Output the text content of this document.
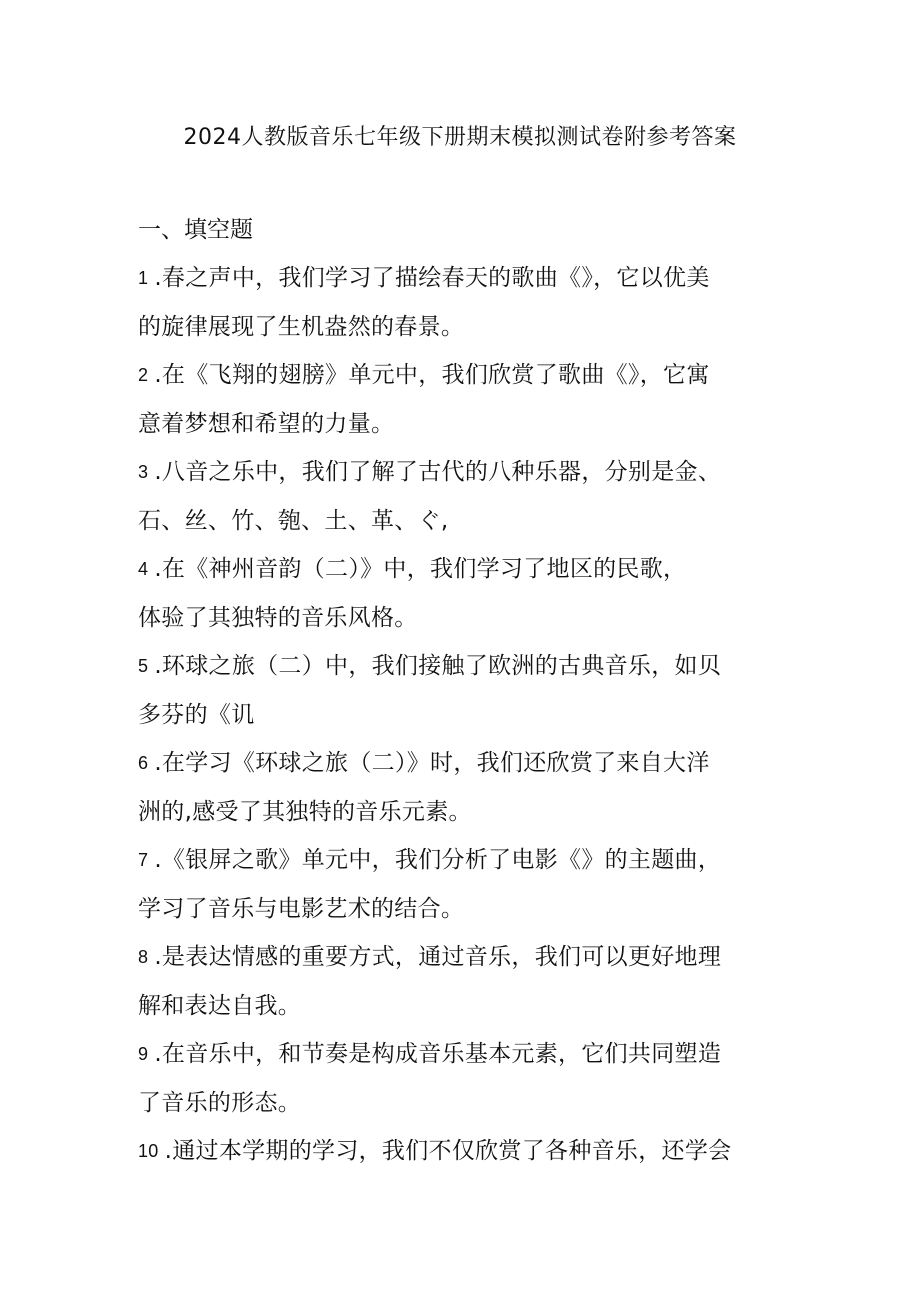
2024人教版音乐七年级下册期末模拟测试卷附参考答案
一、填空题
1 .春之声中，我们学习了描绘春天的歌曲《》，它以优美
的旋律展现了生机盎然的春景。
2 .在《飞翔的翅膀》单元中，我们欣赏了歌曲《》，它寓
意着梦想和希望的力量。
3 .八音之乐中，我们了解了古代的八种乐器，分别是金、
石、丝、竹、匏、土、革、ぐ,
4 .在《神州音韵（二）》中，我们学习了地区的民歌，
体验了其独特的音乐风格。
5 .环球之旅（二）中，我们接触了欧洲的古典音乐，如贝
多芬的《讥
6 .在学习《环球之旅（二）》时，我们还欣赏了来自大洋
洲的,感受了其独特的音乐元素。
7 .《银屏之歌》单元中，我们分析了电影《》的主题曲，
学习了音乐与电影艺术的结合。
8 .是表达情感的重要方式，通过音乐，我们可以更好地理
解和表达自我。
9 .在音乐中，和节奏是构成音乐基本元素，它们共同塑造
了音乐的形态。
10 .通过本学期的学习，我们不仅欣赏了各种音乐，还学会
